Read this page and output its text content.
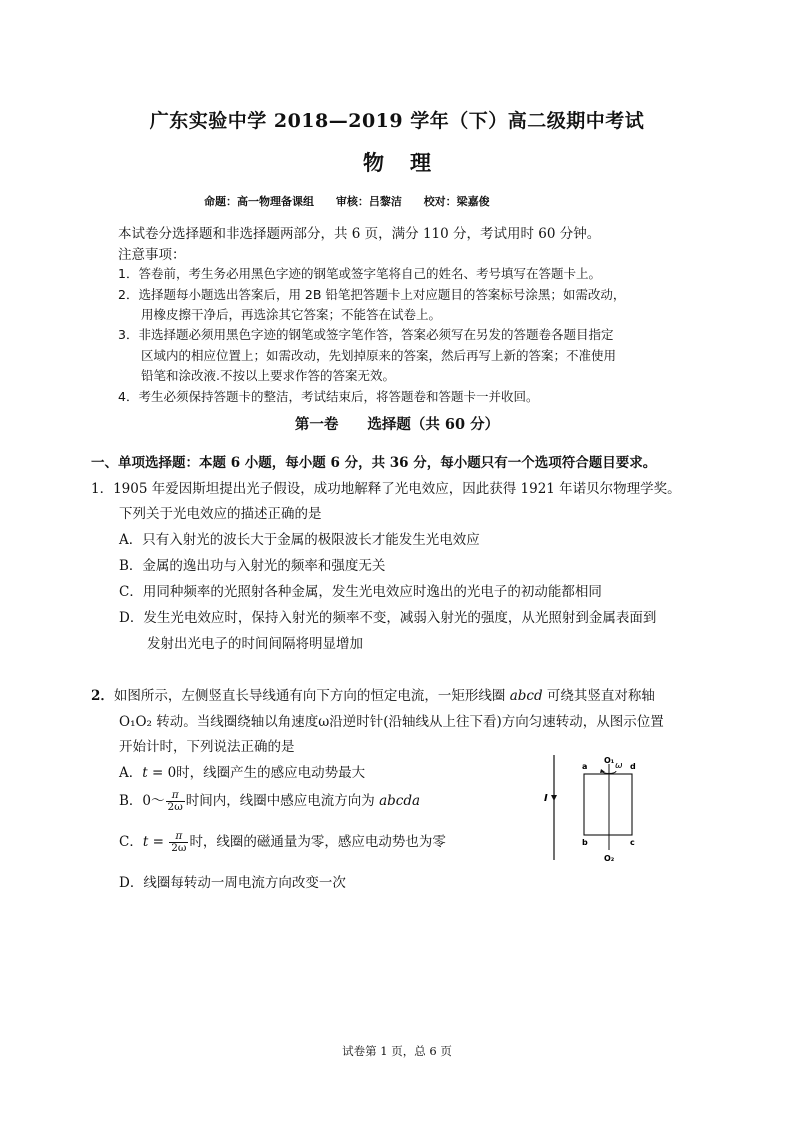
广东实验中学 2018—2019 学年（下）高二级期中考试
物理
命题：高一物理备课组 审核：吕黎洁 校对：梁嘉俊
本试卷分选择题和非选择题两部分，共 6 页，满分 110 分，考试用时 60 分钟。
注意事项：
1．答卷前，考生务必用黑色字迹的钢笔或签字笔将自己的姓名、考号填写在答题卡上。
2．选择题每小题选出答案后，用 2B 铅笔把答题卡上对应题目的答案标号涂黑；如需改动，
用橡皮擦干净后，再选涂其它答案；不能答在试卷上。
3．非选择题必须用黑色字迹的钢笔或签字笔作答，答案必须写在另发的答题卷各题目指定
区域内的相应位置上；如需改动，先划掉原来的答案，然后再写上新的答案；不准使用
铅笔和涂改液.不按以上要求作答的答案无效。
4．考生必须保持答题卡的整洁，考试结束后，将答题卷和答题卡一并收回。
第一卷　　选择题（共 60 分）
一、单项选择题：本题 6 小题，每小题 6 分，共 36 分，每小题只有一个选项符合题目要求。
1．1905 年爱因斯坦提出光子假设，成功地解释了光电效应，因此获得 1921 年诺贝尔物理学奖。
下列关于光电效应的描述正确的是
A．只有入射光的波长大于金属的极限波长才能发生光电效应
B．金属的逸出功与入射光的频率和强度无关
C．用同种频率的光照射各种金属，发生光电效应时逸出的光电子的初动能都相同
D．发生光电效应时，保持入射光的频率不变，减弱入射光的强度，从光照射到金属表面到
发射出光电子的时间间隔将明显增加
2．如图所示，左侧竖直长导线通有向下方向的恒定电流，一矩形线圈 abcd 可绕其竖直对称轴
O₁O₂ 转动。当线圈绕轴以角速度ω沿逆时针(沿轴线从上往下看)方向匀速转动，从图示位置
开始计时，下列说法正确的是
A．t = 0时，线圈产生的感应电动势最大
B．0～ $\frac{\pi}{2\omega}$ 时间内，线圈中感应电流方向为 abcda
C．$t = \frac{\pi}{2\omega}$ 时，线圈的磁通量为零，感应电动势也为零
D．线圈每转动一周电流方向改变一次
I
O₁
O₂
ω
a	d
b	c
试卷第 1 页，总 6 页
